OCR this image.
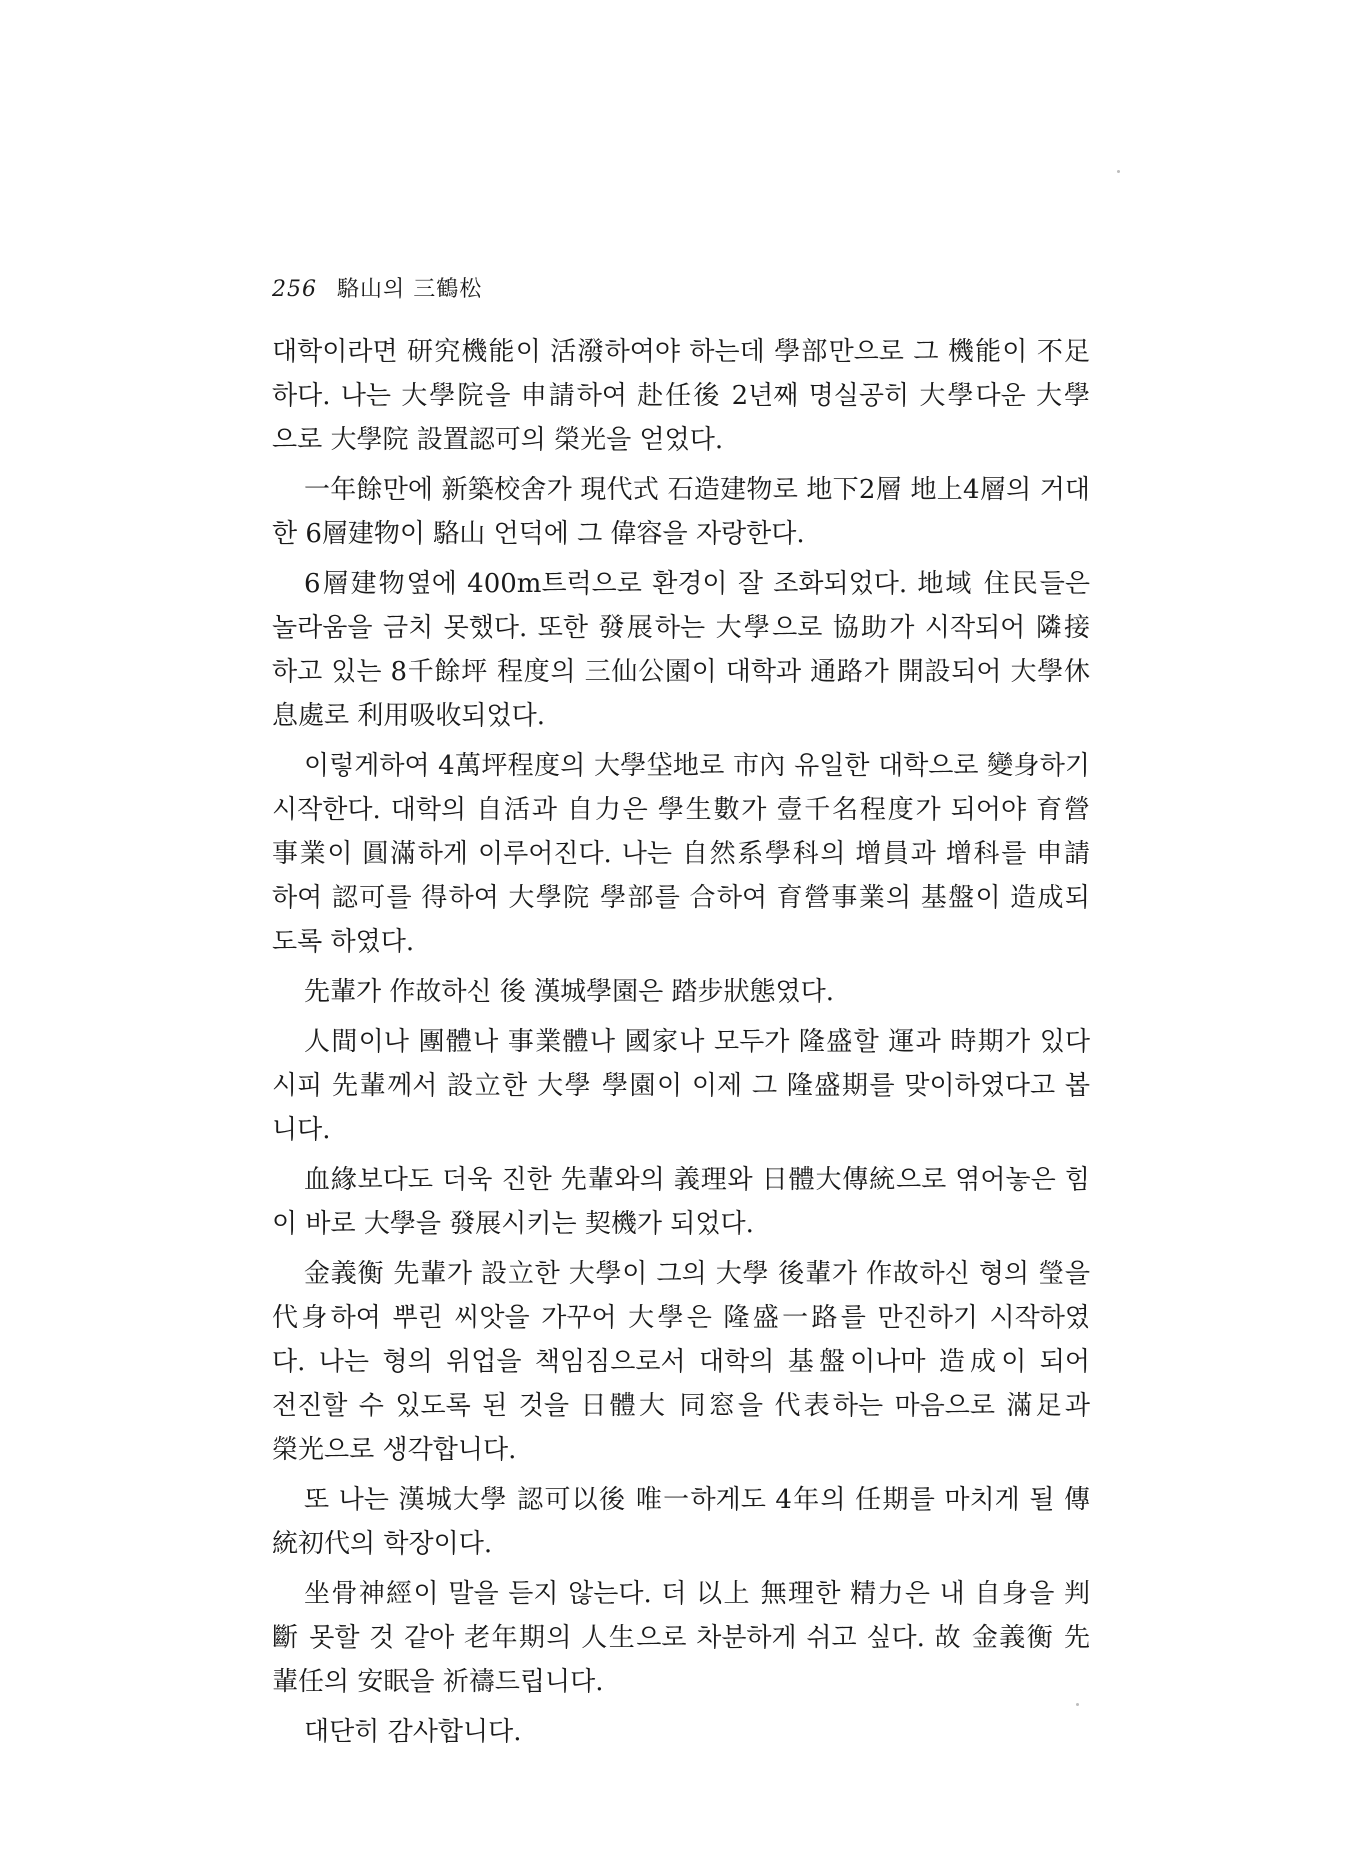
256 駱山의 三鶴松
대학이라면 研究機能이 活潑하여야 하는데 學部만으로 그 機能이 不足
하다. 나는 大學院을 申請하여 赴任後 2년째 명실공히 大學다운 大學
으로 大學院 設置認可의 榮光을 얻었다.
一年餘만에 新築校舍가 現代式 石造建物로 地下2層 地上4層의 거대
한 6層建物이 駱山 언덕에 그 偉容을 자랑한다.
6層建物옆에 400m트럭으로 환경이 잘 조화되었다. 地域 住民들은
놀라움을 금치 못했다. 또한 發展하는 大學으로 協助가 시작되어 隣接
하고 있는 8千餘坪 程度의 三仙公園이 대학과 通路가 開設되어 大學休
息處로 利用吸收되었다.
이렇게하여 4萬坪程度의 大學垈地로 市內 유일한 대학으로 變身하기
시작한다. 대학의 自活과 自力은 學生數가 壹千名程度가 되어야 育營
事業이 圓滿하게 이루어진다. 나는 自然系學科의 增員과 增科를 申請
하여 認可를 得하여 大學院 學部를 合하여 育營事業의 基盤이 造成되
도록 하였다.
先輩가 作故하신 後 漢城學園은 踏步狀態였다.
人間이나 團體나 事業體나 國家나 모두가 隆盛할 運과 時期가 있다
시피 先輩께서 設立한 大學 學園이 이제 그 隆盛期를 맞이하였다고 봅
니다.
血緣보다도 더욱 진한 先輩와의 義理와 日體大傳統으로 엮어놓은 힘
이 바로 大學을 發展시키는 契機가 되었다.
金義衡 先輩가 設立한 大學이 그의 大學 後輩가 作故하신 형의 瑩을
代身하여 뿌린 씨앗을 가꾸어 大學은 隆盛一路를 만진하기 시작하였
다. 나는 형의 위업을 책임짐으로서 대학의 基盤이나마 造成이 되어
전진할 수 있도록 된 것을 日體大 同窓을 代表하는 마음으로 滿足과
榮光으로 생각합니다.
또 나는 漢城大學 認可以後 唯一하게도 4年의 任期를 마치게 될 傳
統初代의 학장이다.
坐骨神經이 말을 듣지 않는다. 더 以上 無理한 精力은 내 自身을 判
斷 못할 것 같아 老年期의 人生으로 차분하게 쉬고 싶다. 故 金義衡 先
輩任의 安眠을 祈禱드립니다.
대단히 감사합니다.
